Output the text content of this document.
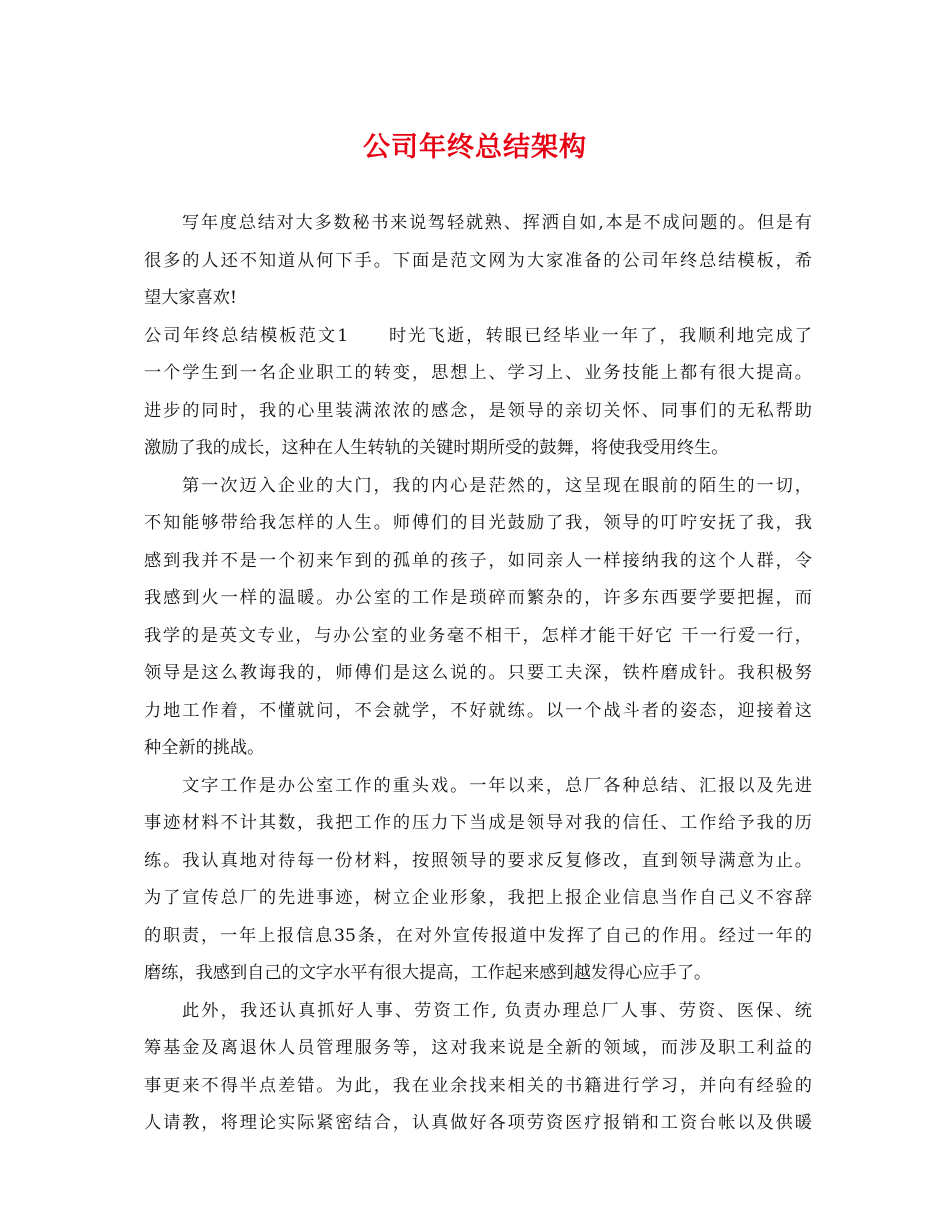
公司年终总结架构
写年度总结对大多数秘书来说驾轻就熟、挥洒自如,本是不成问题的。但是有
很多的人还不知道从何下手。下面是范文网为大家准备的公司年终总结模板，希
望大家喜欢!
公司年终总结模板范文1　　时光飞逝，转眼已经毕业一年了，我顺利地完成了
一个学生到一名企业职工的转变，思想上、学习上、业务技能上都有很大提高。
进步的同时，我的心里装满浓浓的感念，是领导的亲切关怀、同事们的无私帮助
激励了我的成长，这种在人生转轨的关键时期所受的鼓舞，将使我受用终生。
第一次迈入企业的大门，我的内心是茫然的，这呈现在眼前的陌生的一切，
不知能够带给我怎样的人生。师傅们的目光鼓励了我，领导的叮咛安抚了我，我
感到我并不是一个初来乍到的孤单的孩子，如同亲人一样接纳我的这个人群，令
我感到火一样的温暖。办公室的工作是琐碎而繁杂的，许多东西要学要把握，而
我学的是英文专业，与办公室的业务毫不相干，怎样才能干好它 干一行爱一行，
领导是这么教诲我的，师傅们是这么说的。只要工夫深，铁杵磨成针。我积极努
力地工作着，不懂就问，不会就学，不好就练。以一个战斗者的姿态，迎接着这
种全新的挑战。
文字工作是办公室工作的重头戏。一年以来，总厂各种总结、汇报以及先进
事迹材料不计其数，我把工作的压力下当成是领导对我的信任、工作给予我的历
练。我认真地对待每一份材料，按照领导的要求反复修改，直到领导满意为止。
为了宣传总厂的先进事迹，树立企业形象，我把上报企业信息当作自己义不容辞
的职责，一年上报信息35条，在对外宣传报道中发挥了自己的作用。经过一年的
磨练，我感到自己的文字水平有很大提高，工作起来感到越发得心应手了。
此外，我还认真抓好人事、劳资工作, 负责办理总厂人事、劳资、医保、统
筹基金及离退休人员管理服务等，这对我来说是全新的领域，而涉及职工利益的
事更来不得半点差错。为此，我在业余找来相关的书籍进行学习，并向有经验的
人请教，将理论实际紧密结合，认真做好各项劳资医疗报销和工资台帐以及供暖
